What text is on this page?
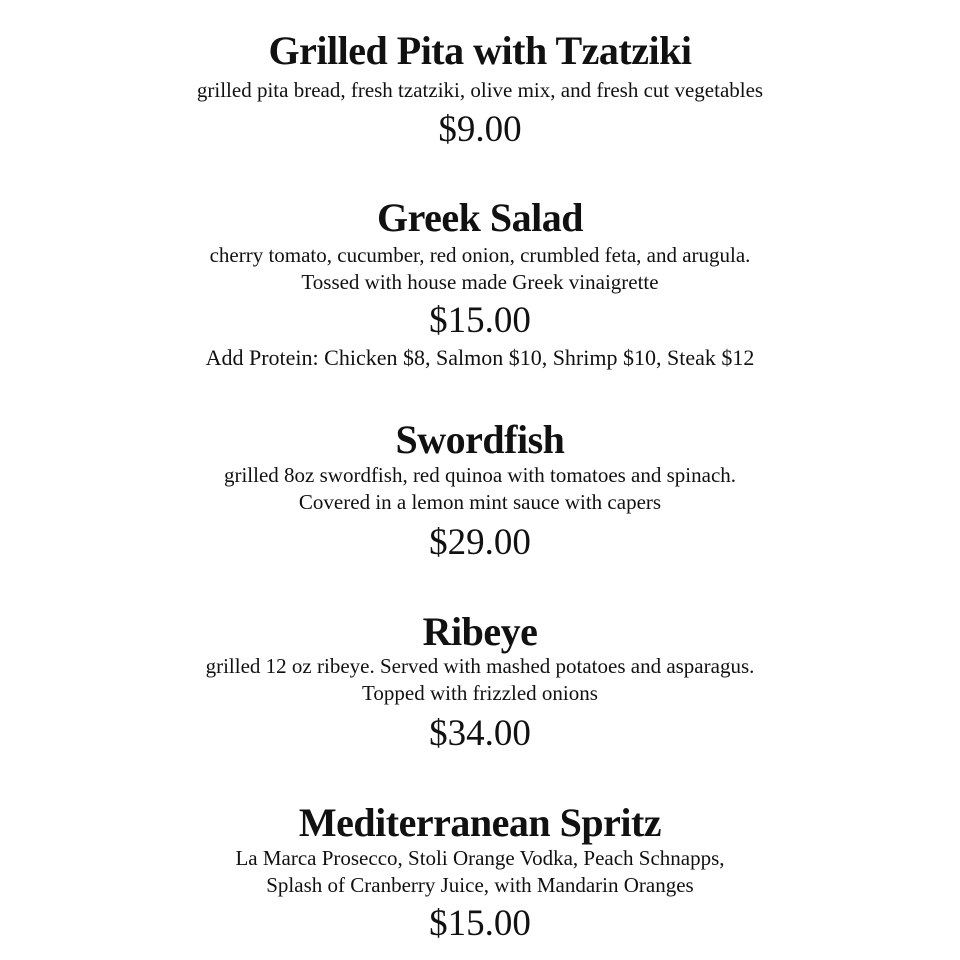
Grilled Pita with Tzatziki
grilled pita bread, fresh tzatziki, olive mix, and fresh cut vegetables
$9.00
Greek Salad
cherry tomato, cucumber, red onion, crumbled feta, and arugula.
Tossed with house made Greek vinaigrette
$15.00
Add Protein: Chicken $8, Salmon $10, Shrimp $10, Steak $12
Swordfish
grilled 8oz swordfish, red quinoa with tomatoes and spinach.
Covered in a lemon mint sauce with capers
$29.00
Ribeye
grilled 12 oz ribeye. Served with mashed potatoes and asparagus.
Topped with frizzled onions
$34.00
Mediterranean Spritz
La Marca Prosecco, Stoli Orange Vodka, Peach Schnapps,
Splash of Cranberry Juice, with Mandarin Oranges
$15.00
